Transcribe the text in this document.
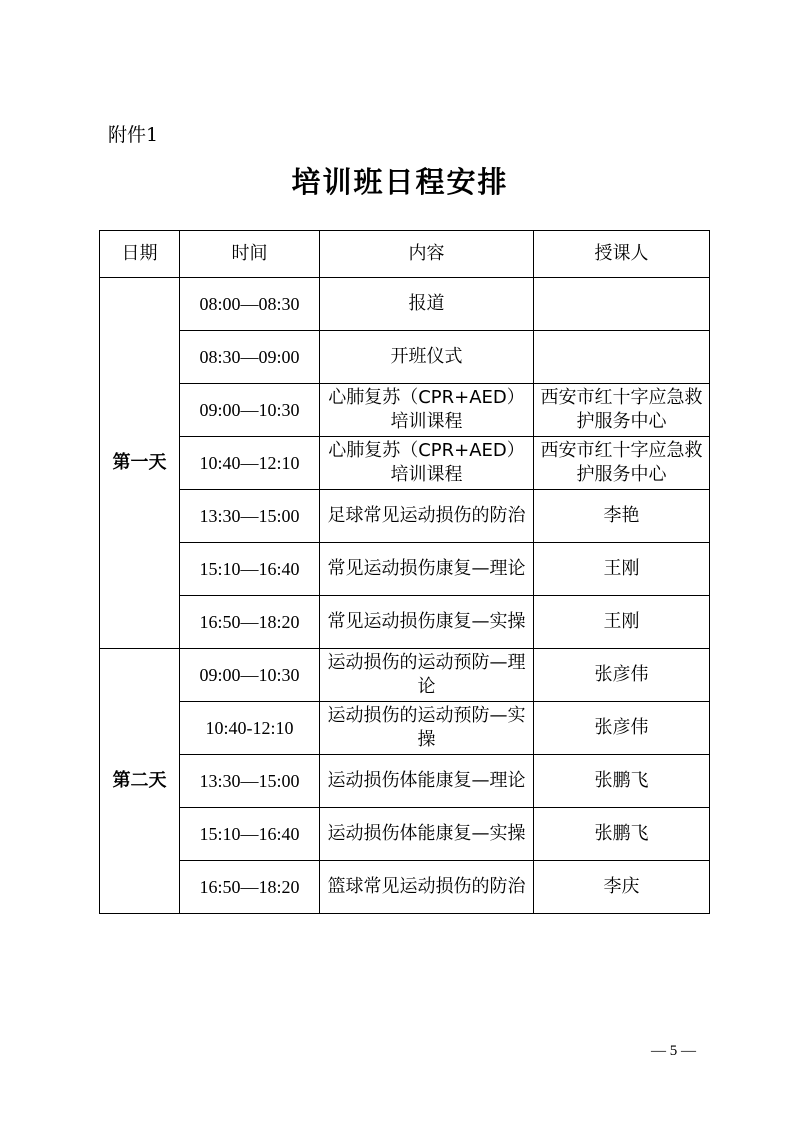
附件1
培训班日程安排
日期	时间	内容	授课人
第一天	08:00—08:30	报道	
	08:30—09:00	开班仪式	
	09:00—10:30	心肺复苏（CPR+AED）培训课程	西安市红十字应急救护服务中心
	10:40—12:10	心肺复苏（CPR+AED）培训课程	西安市红十字应急救护服务中心
	13:30—15:00	足球常见运动损伤的防治	李艳
	15:10—16:40	常见运动损伤康复—理论	王刚
	16:50—18:20	常见运动损伤康复—实操	王刚
第二天	09:00—10:30	运动损伤的运动预防—理论	张彦伟
	10:40-12:10	运动损伤的运动预防—实操	张彦伟
	13:30—15:00	运动损伤体能康复—理论	张鹏飞
	15:10—16:40	运动损伤体能康复—实操	张鹏飞
	16:50—18:20	篮球常见运动损伤的防治	李庆
— 5 —
